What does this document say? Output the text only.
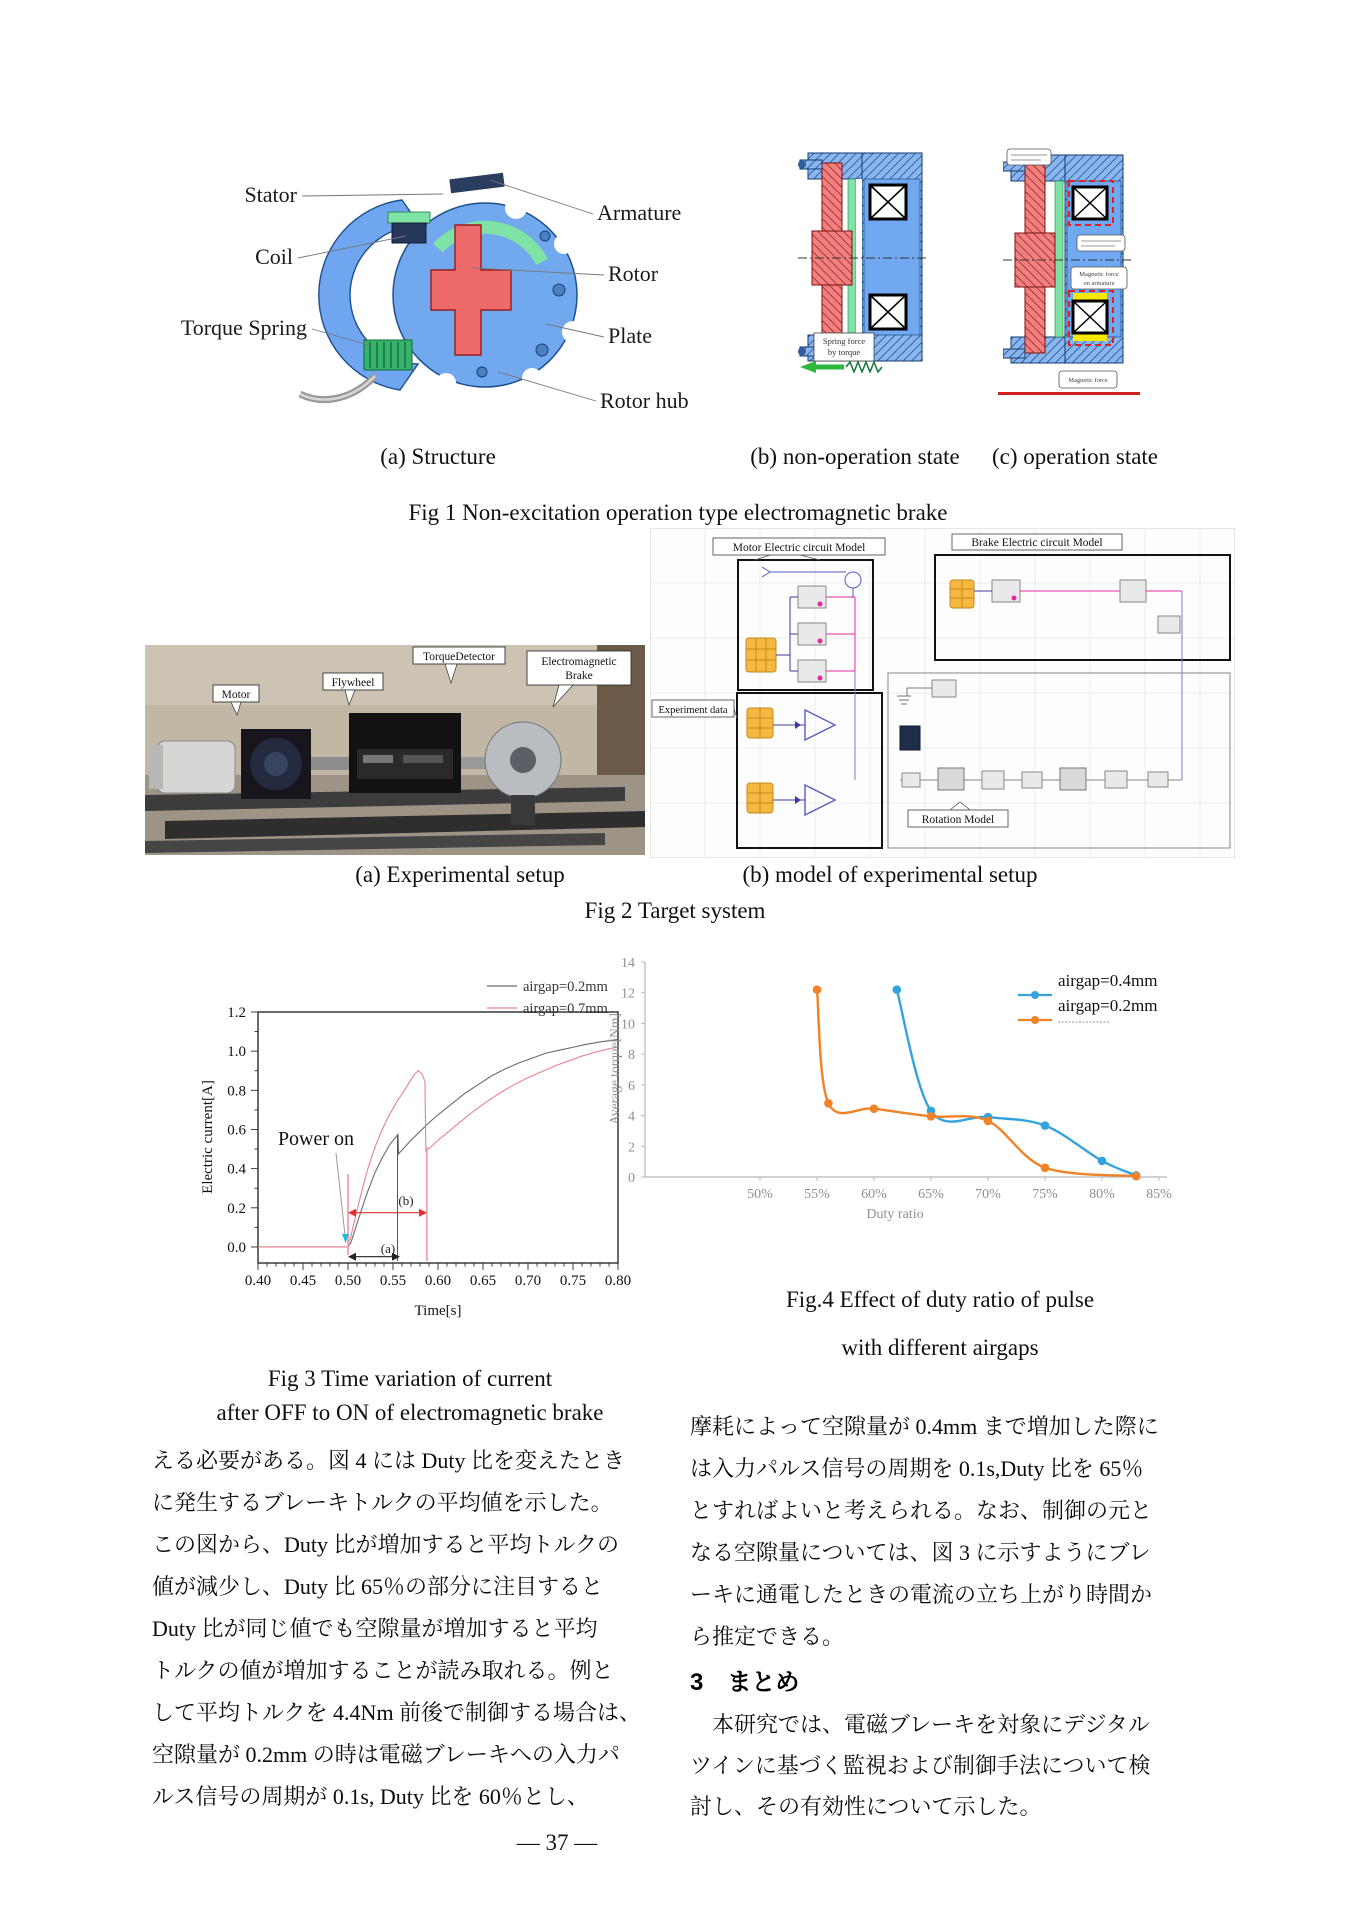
Stator
Coil
Torque Spring
Armature
Rotor
Plate
Rotor hub
Spring force
by torque
Magnetic force
on armature
Magnetic force
(a) Structure	(b) non-operation state	(c) operation state
Fig 1 Non-excitation operation type electromagnetic brake
Motor
Flywheel
TorqueDetector	Electromagnetic
Brake
Motor Electric circuit Model	Brake Electric circuit Model
Experiment data
Rotation Model
(a) Experimental setup	(b) model of experimental setup
Fig 2 Target system
0.40 0.45 0.50 0.55 0.60 0.65 0.70 0.75 0.80
0.0
0.2
0.4
0.6
0.8
1.0
1.2
Time[s]
Electric current[A]
airgap=0.2mm
airgap=0.7mm
(a)
(b)
Power on
Fig 3 Time variation of current
after OFF to ON of electromagnetic brake
50% 55% 60% 65% 70% 75% 80% 85%
0
2
4
6
8
10
12
14
Duty ratio
Average torque[Nm]
airgap=0.4mm
airgap=0.2mm
Fig.4 Effect of duty ratio of pulse
with different airgaps
える必要がある。図 4 には Duty 比を変えたとき
に発生するブレーキトルクの平均値を示した。
この図から、Duty 比が増加すると平均トルクの
値が減少し、Duty 比 65％の部分に注目すると
Duty 比が同じ値でも空隙量が増加すると平均
トルクの値が増加することが読み取れる。例と
して平均トルクを 4.4Nm 前後で制御する場合は、
空隙量が 0.2mm の時は電磁ブレーキへの入力パ
ルス信号の周期が 0.1s, Duty 比を 60％とし、
摩耗によって空隙量が 0.4mm まで増加した際に
は入力パルス信号の周期を 0.1s,Duty 比を 65％
とすればよいと考えられる。なお、制御の元と
なる空隙量については、図 3 に示すようにブレ
ーキに通電したときの電流の立ち上がり時間か
ら推定できる。
3　まとめ
　本研究では、電磁ブレーキを対象にデジタル
ツインに基づく監視および制御手法について検
討し、その有効性について示した。
― 37 ―
